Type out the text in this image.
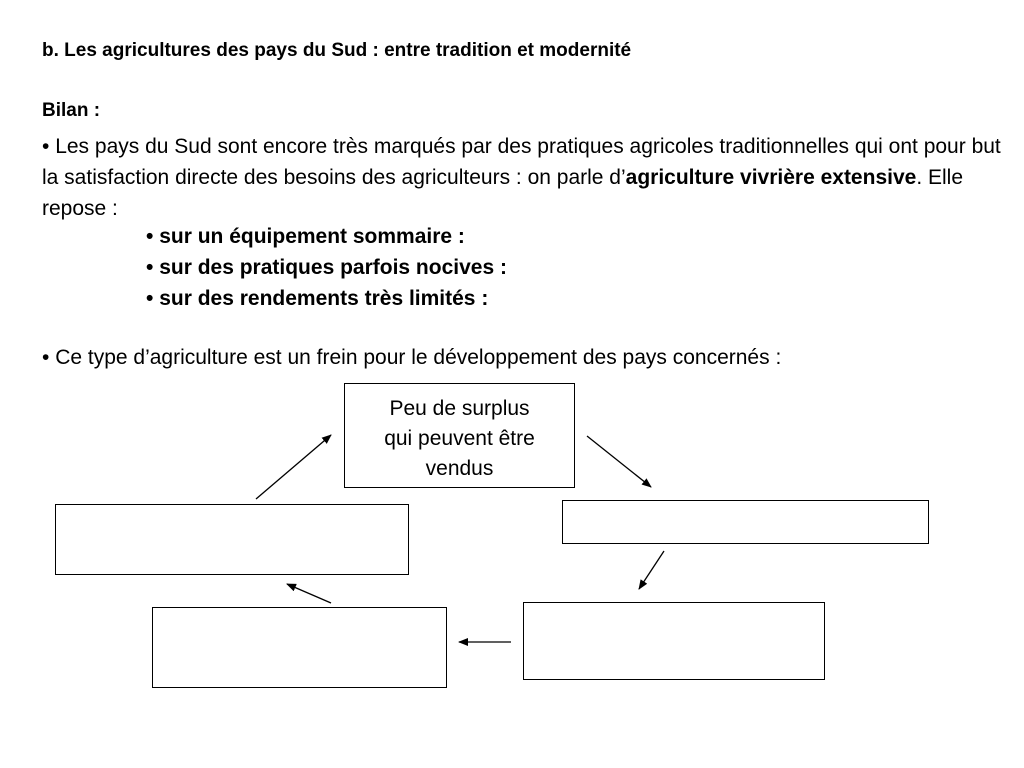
b. Les agricultures des pays du Sud : entre tradition et modernité
Bilan :

• Les pays du Sud sont encore très marqués par des pratiques agricoles traditionnelles qui ont pour but la satisfaction directe des besoins des agriculteurs : on parle d’agriculture vivrière extensive. Elle repose :

• sur un équipement sommaire :
• sur des pratiques parfois nocives :
• sur des rendements très limités :
• Ce type d’agriculture est un frein pour le développement des pays concernés :
Peu de surplus
qui peuvent être
vendus
